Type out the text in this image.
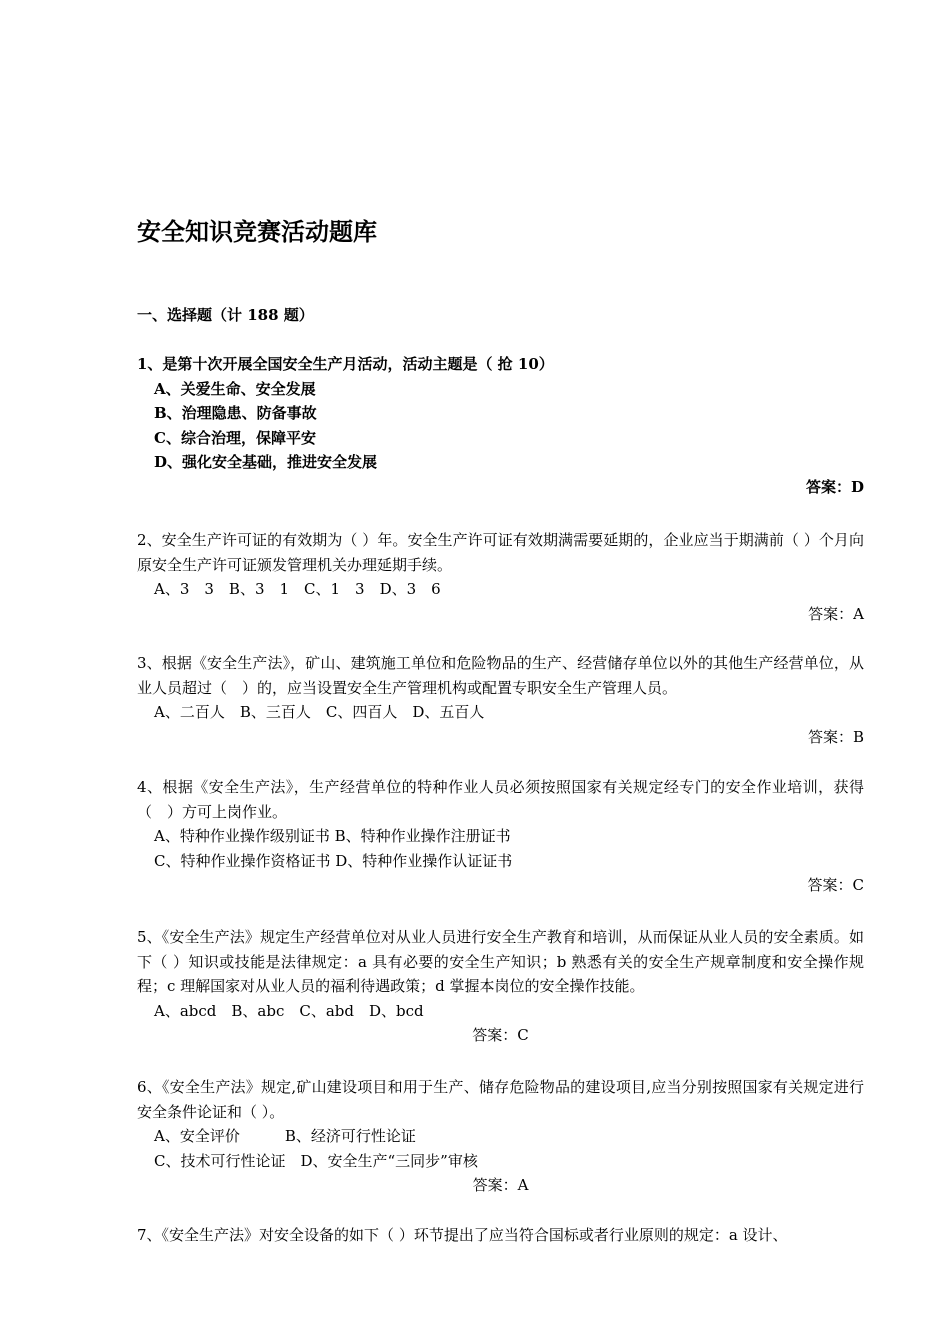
安全知识竞赛活动题库
一、选择题（计 188 题）
1、是第十次开展全国安全生产月活动，活动主题是（ 抢 10）
A、关爱生命、安全发展
B、治理隐患、防备事故
C、综合治理，保障平安
D、强化安全基础，推进安全发展
答案：D
2、安全生产许可证的有效期为（ ）年。安全生产许可证有效期满需要延期的，企业应当于期满前（ ）个月向原安全生产许可证颁发管理机关办理延期手续。
A、3　3　B、3　1　C、1　3　D、3　6
答案：A
3、根据《安全生产法》，矿山、建筑施工单位和危险物品的生产、经营储存单位以外的其他生产经营单位，从业人员超过（　）的，应当设置安全生产管理机构或配置专职安全生产管理人员。
A、二百人　B、三百人　C、四百人　D、五百人
答案：B
4、根据《安全生产法》，生产经营单位的特种作业人员必须按照国家有关规定经专门的安全作业培训，获得（　）方可上岗作业。
A、特种作业操作级别证书 B、特种作业操作注册证书
C、特种作业操作资格证书 D、特种作业操作认证证书
答案：C
5、《安全生产法》规定生产经营单位对从业人员进行安全生产教育和培训，从而保证从业人员的安全素质。如下（ ）知识或技能是法律规定：a 具有必要的安全生产知识；b 熟悉有关的安全生产规章制度和安全操作规程；c 理解国家对从业人员的福利待遇政策；d 掌握本岗位的安全操作技能。
A、abcd　B、abc　C、abd　D、bcd
答案：C
6、《安全生产法》规定,矿山建设项目和用于生产、储存危险物品的建设项目,应当分别按照国家有关规定进行安全条件论证和（ ）。
A、安全评价　　　B、经济可行性论证
C、技术可行性论证　D、安全生产“三同步”审核
答案：A
7、《安全生产法》对安全设备的如下（ ）环节提出了应当符合国标或者行业原则的规定：a 设计、
